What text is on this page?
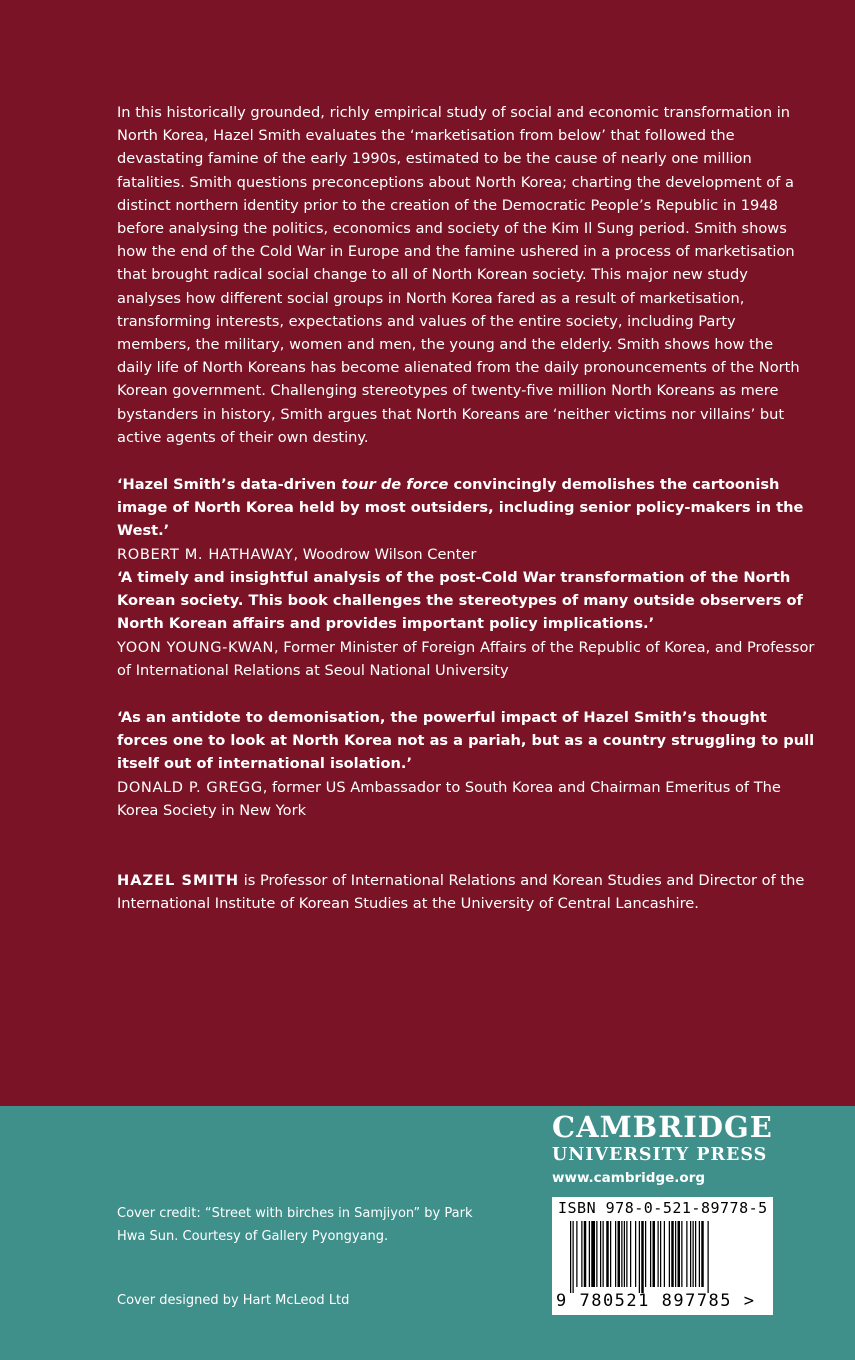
In this historically grounded, richly empirical study of social and economic transformation in North Korea, Hazel Smith evaluates the ‘marketisation from below’ that followed the devastating famine of the early 1990s, estimated to be the cause of nearly one million fatalities. Smith questions preconceptions about North Korea; charting the development of a distinct northern identity prior to the creation of the Democratic People’s Republic in 1948 before analysing the politics, economics and society of the Kim Il Sung period. Smith shows how the end of the Cold War in Europe and the famine ushered in a process of marketisation that brought radical social change to all of North Korean society. This major new study analyses how different social groups in North Korea fared as a result of marketisation, transforming interests, expectations and values of the entire society, including Party members, the military, women and men, the young and the elderly. Smith shows how the daily life of North Koreans has become alienated from the daily pronouncements of the North Korean government. Challenging stereotypes of twenty-five million North Koreans as mere bystanders in history, Smith argues that North Koreans are ‘neither victims nor villains’ but active agents of their own destiny.

‘Hazel Smith’s data-driven tour de force convincingly demolishes the cartoonish image of North Korea held by most outsiders, including senior policy-makers in the West.’
ROBERT M. HATHAWAY, Woodrow Wilson Center

‘A timely and insightful analysis of the post-Cold War transformation of the North Korean society. This book challenges the stereotypes of many outside observers of North Korean affairs and provides important policy implications.’
YOON YOUNG-KWAN, Former Minister of Foreign Affairs of the Republic of Korea, and Professor of International Relations at Seoul National University

‘As an antidote to demonisation, the powerful impact of Hazel Smith’s thought forces one to look at North Korea not as a pariah, but as a country struggling to pull itself out of international isolation.’
DONALD P. GREGG, former US Ambassador to South Korea and Chairman Emeritus of The Korea Society in New York

HAZEL SMITH is Professor of International Relations and Korean Studies and Director of the International Institute of Korean Studies at the University of Central Lancashire.

Cover credit: “Street with birches in Samjiyon” by Park Hwa Sun. Courtesy of Gallery Pyongyang.
Cover designed by Hart McLeod Ltd
CAMBRIDGE
UNIVERSITY PRESS
www.cambridge.org
ISBN 978-0-521-89778-5
9 780521 897785 >
